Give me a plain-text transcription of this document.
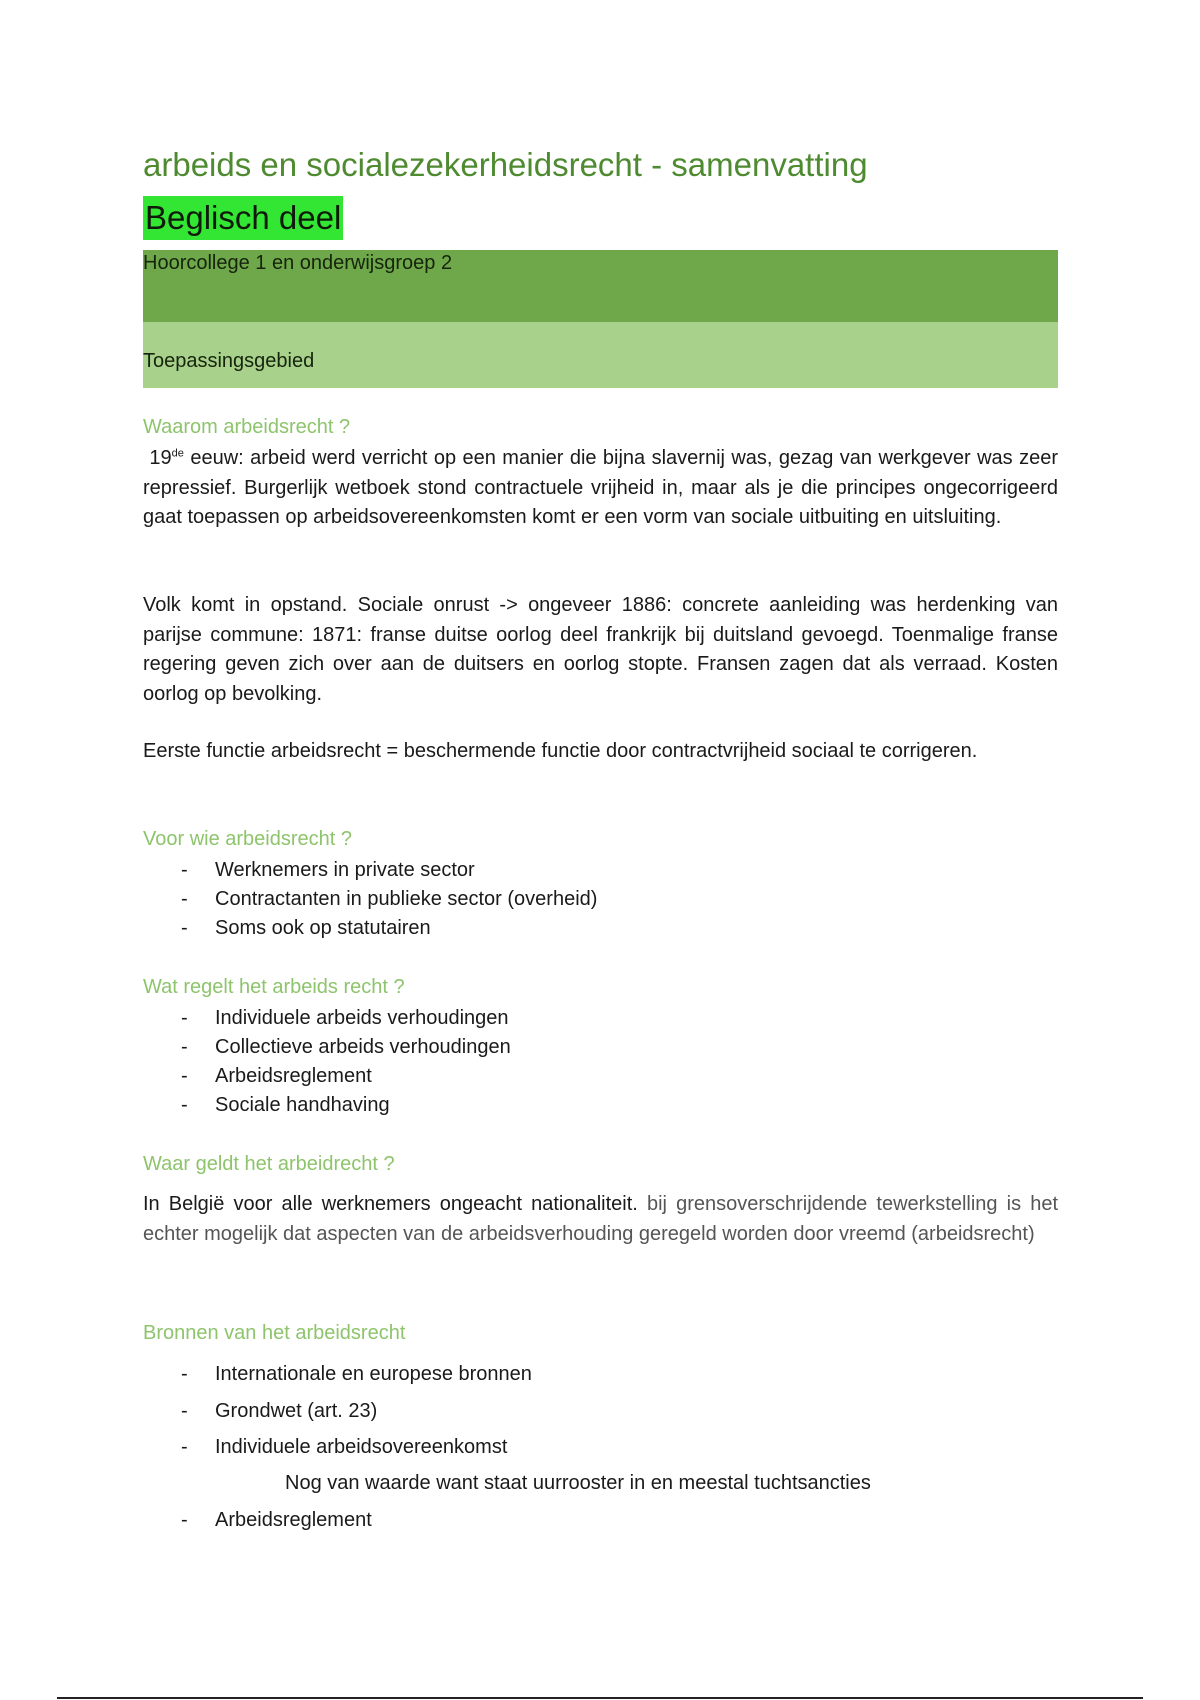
arbeids en socialezekerheidsrecht - samenvatting
Beglisch deel
Hoorcollege 1 en onderwijsgroep 2
Toepassingsgebied
Waarom arbeidsrecht ?

19de eeuw: arbeid werd verricht op een manier die bijna slavernij was, gezag van werkgever was zeer repressief. Burgerlijk wetboek stond contractuele vrijheid in, maar als je die principes ongecorrigeerd gaat toepassen op arbeidsovereenkomsten komt er een vorm van sociale uitbuiting en uitsluiting.

Volk komt in opstand. Sociale onrust -> ongeveer 1886: concrete aanleiding was herdenking van parijse commune: 1871: franse duitse oorlog deel frankrijk bij duitsland gevoegd. Toenmalige franse regering geven zich over aan de duitsers en oorlog stopte. Fransen zagen dat als verraad. Kosten oorlog op bevolking.

Eerste functie arbeidsrecht = beschermende functie door contractvrijheid sociaal te corrigeren.

Voor wie arbeidsrecht ?
- Werknemers in private sector
- Contractanten in publieke sector (overheid)
- Soms ook op statutairen
Wat regelt het arbeids recht ?
- Individuele arbeids verhoudingen
- Collectieve arbeids verhoudingen
- Arbeidsreglement
- Sociale handhaving
Waar geldt het arbeidrecht ?

In België voor alle werknemers ongeacht nationaliteit. bij grensoverschrijdende tewerkstelling is het echter mogelijk dat aspecten van de arbeidsverhouding geregeld worden door vreemd (arbeidsrecht)

Bronnen van het arbeidsrecht
- Internationale en europese bronnen
- Grondwet (art. 23)
- Individuele arbeidsovereenkomst
Nog van waarde want staat uurrooster in en meestal tuchtsancties
- Arbeidsreglement
